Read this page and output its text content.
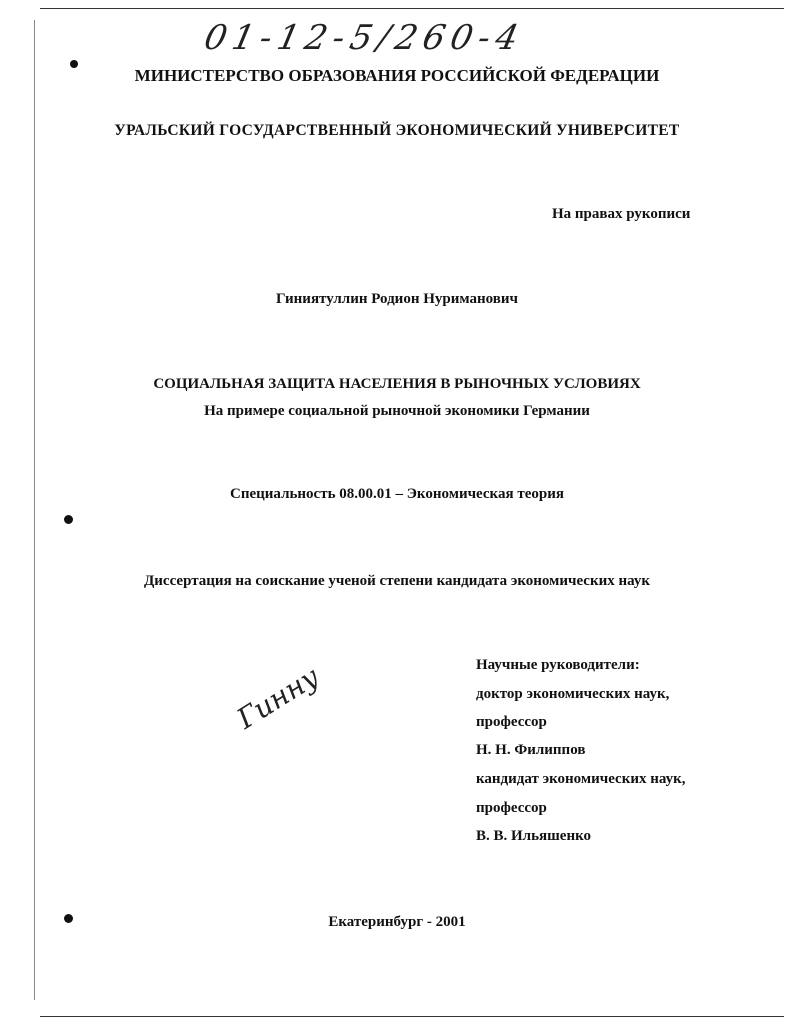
01-12-5/260-4
МИНИСТЕРСТВО ОБРАЗОВАНИЯ РОССИЙСКОЙ ФЕДЕРАЦИИ
УРАЛЬСКИЙ ГОСУДАРСТВЕННЫЙ ЭКОНОМИЧЕСКИЙ УНИВЕРСИТЕТ
На правах рукописи
Гиниятуллин Родион Нуриманович
СОЦИАЛЬНАЯ ЗАЩИТА НАСЕЛЕНИЯ В РЫНОЧНЫХ УСЛОВИЯХ
На примере социальной рыночной экономики Германии
Специальность 08.00.01 – Экономическая теория
Диссертация на соискание ученой степени кандидата экономических наук
Научные руководители:
доктор экономических наук,
профессор
Н. Н. Филиппов
кандидат экономических наук,
профессор
В. В. Ильяшенко
Гинну
Екатеринбург - 2001
